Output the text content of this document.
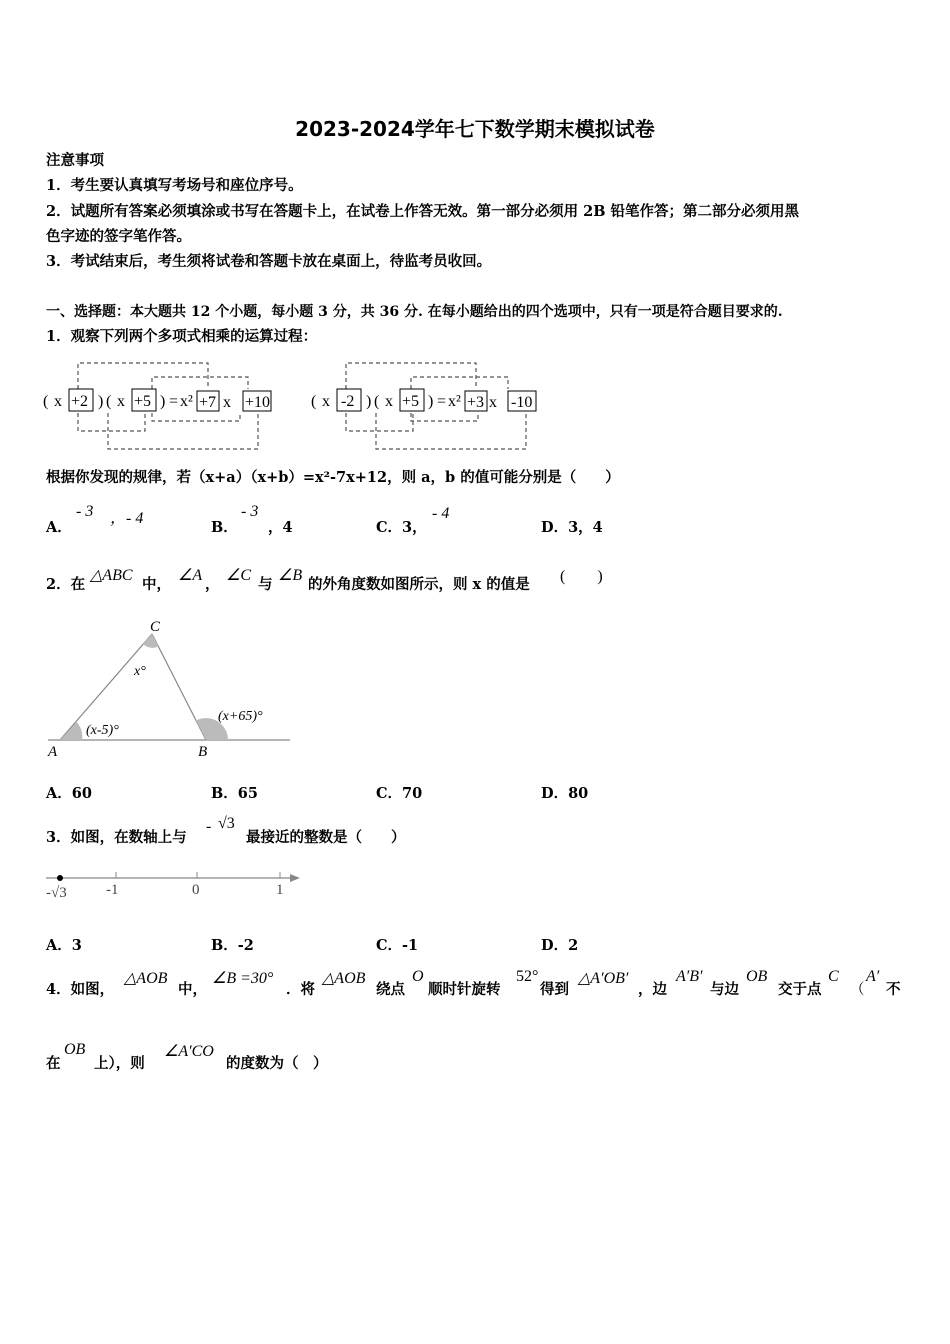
2023-2024学年七下数学期末模拟试卷
注意事项
1．考生要认真填写考场号和座位序号。
2．试题所有答案必须填涂或书写在答题卡上，在试卷上作答无效。第一部分必须用 2B 铅笔作答；第二部分必须用黑
色字迹的签字笔作答。
3．考试结束后，考生须将试卷和答题卡放在桌面上，待监考员收回。
一、选择题：本大题共 12 个小题，每小题 3 分，共 36 分. 在每小题给出的四个选项中，只有一项是符合题目要求的.
1．观察下列两个多项式相乘的运算过程：
( x +2 ) ( x +5 ) = x² +7 x +10	( x -2 ) ( x +5 ) = x² +3 x -10
根据你发现的规律，若（x+a）（x+b）=x²-7x+12，则 a，b 的值可能分别是（　　）
A．
- 3 ，- 4
B．
- 3
，4	C．3，
- 4
D．3，4
2．在
△ABC
中，
∠A
，
∠C
与
∠B
的外角度数如图所示，则 x 的值是 (　　)
C
A	B
x°
(x-5)°
(x+65)°
A．60	B．65	C．70	D．80
3．如图，在数轴上与
- √3
最接近的整数是（　　）
-√3	-1	0	1
A．3	B．-2	C．-1	D．2
4．如图，
△AOB
中，
∠B =30°
．将
△AOB
绕点
O
顺时针旋转
52°
得到
△A′OB′
，边
A′B′
与边
OB
交于点
C
（
A′
不
在
OB
上），则
∠A′CO
的度数为（　）
